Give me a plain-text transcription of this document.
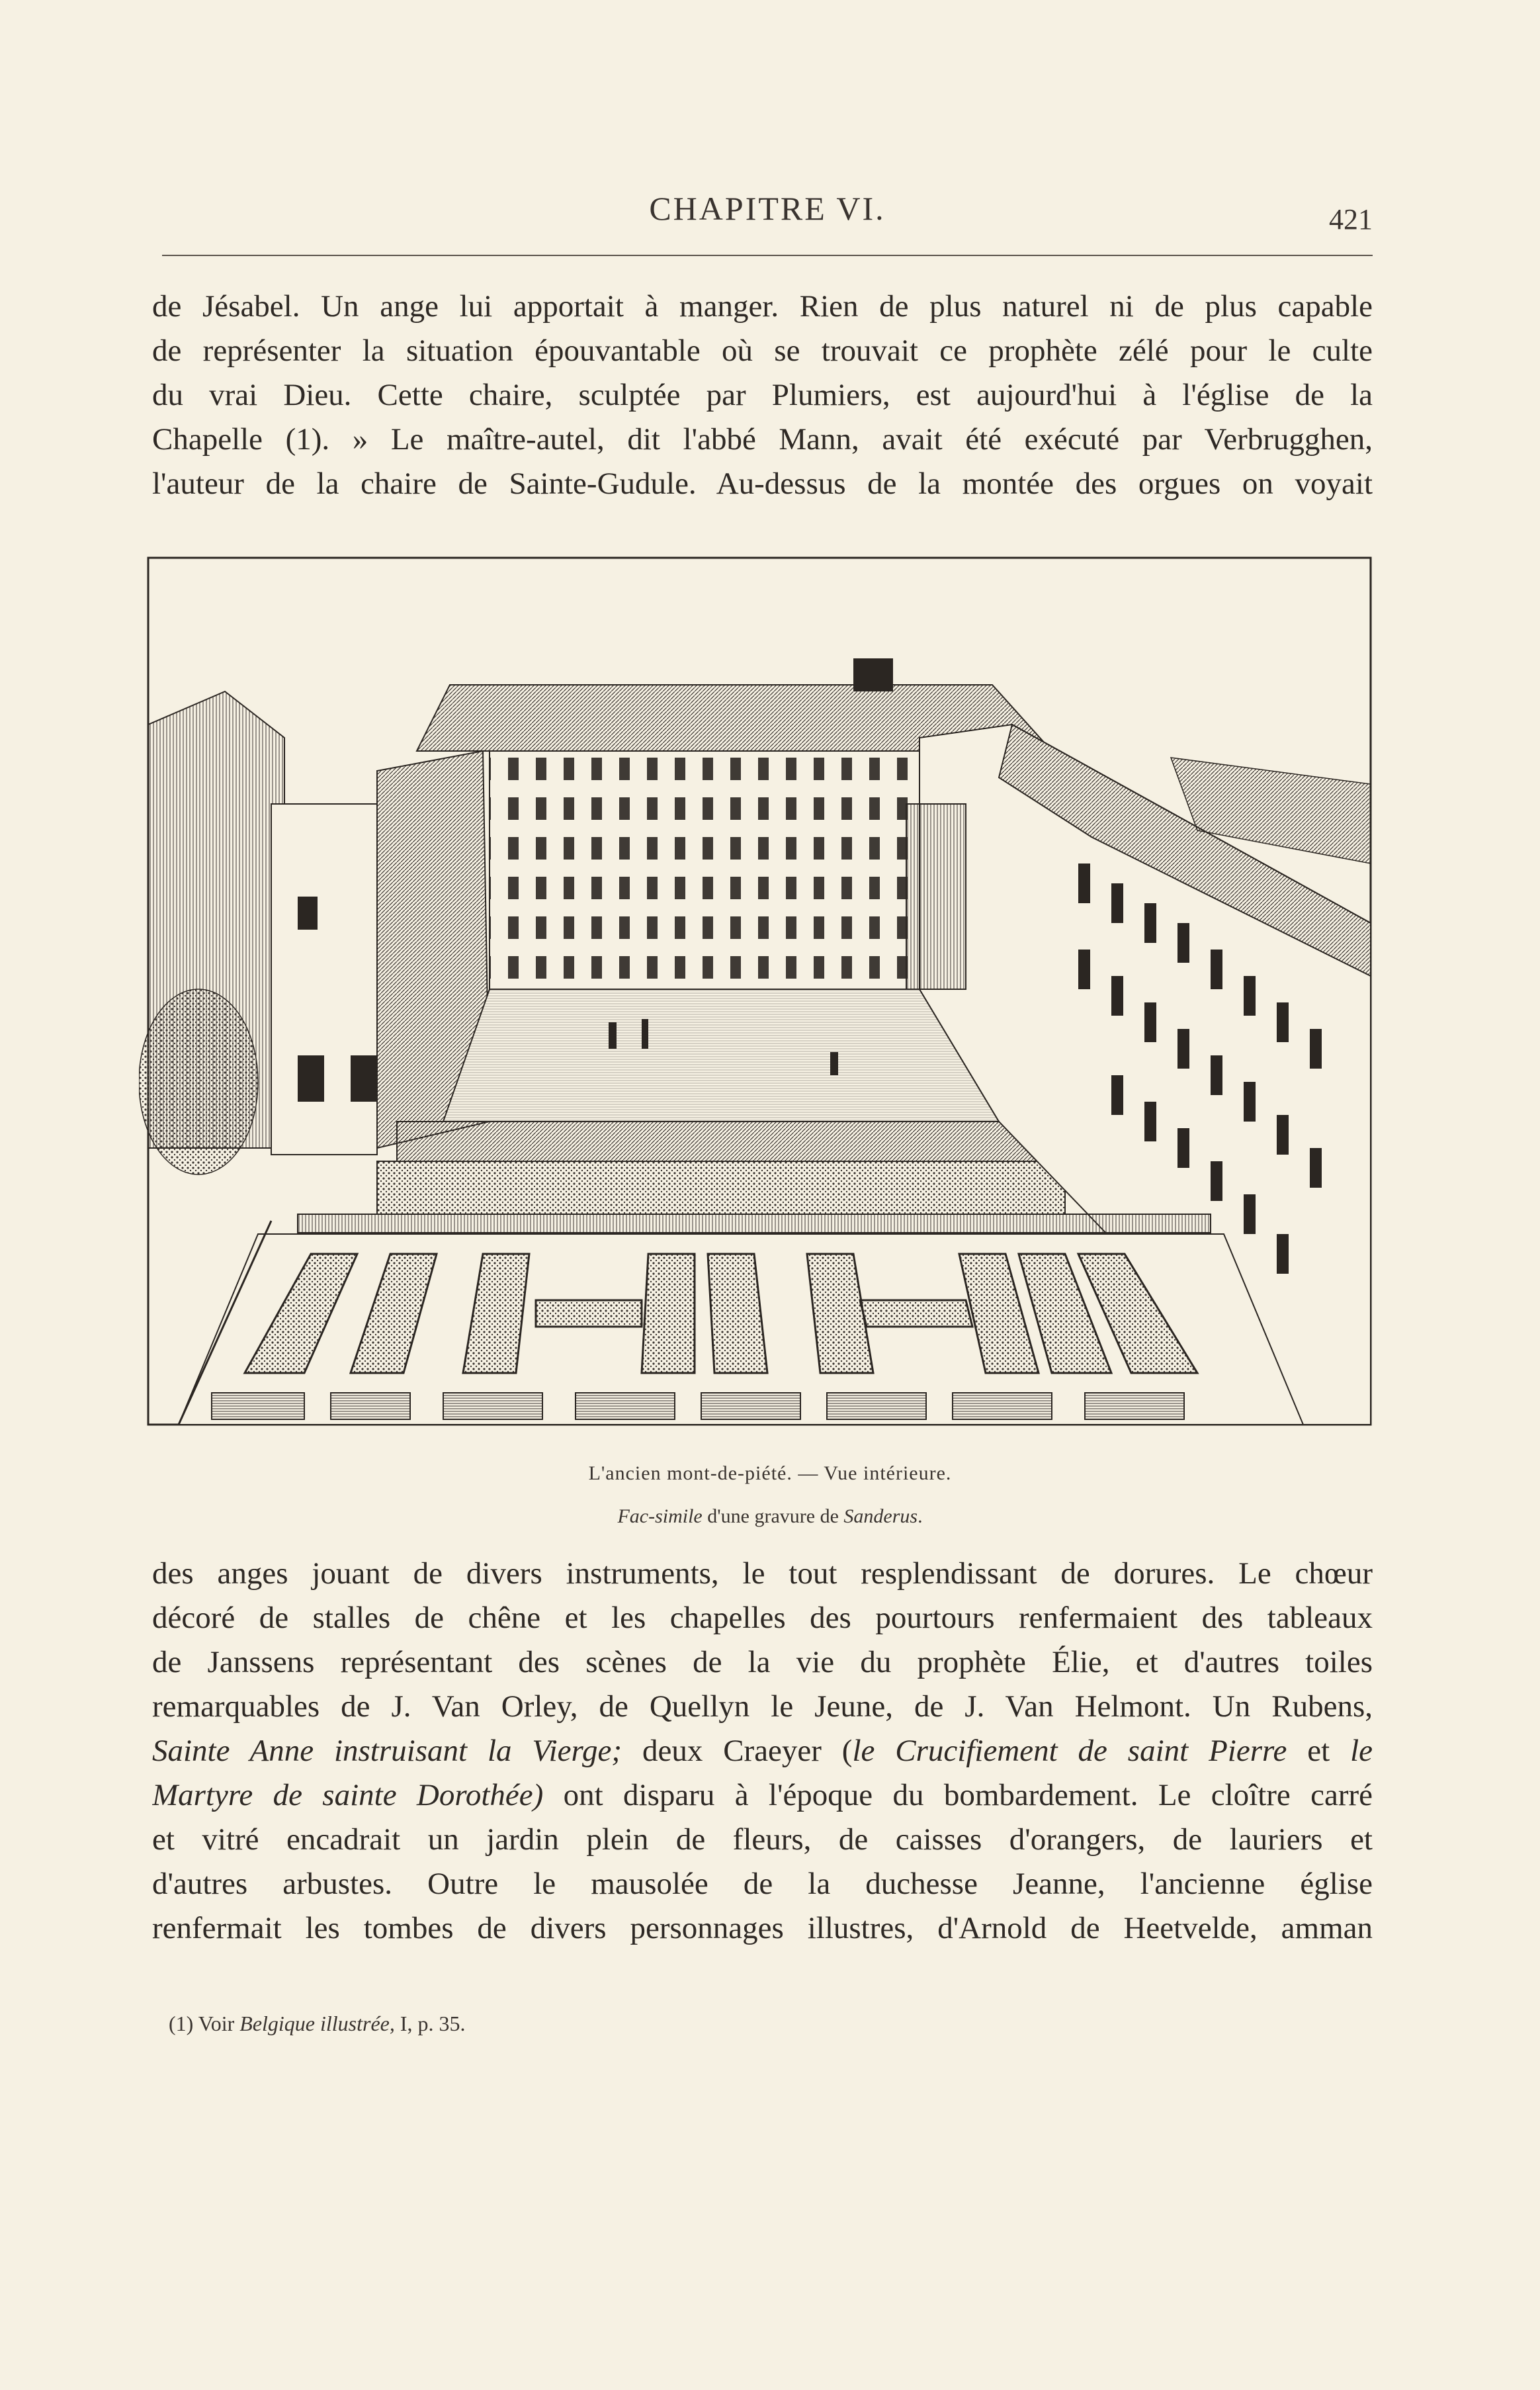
CHAPITRE VI.	421
de Jésabel. Un ange lui apportait à manger. Rien de plus naturel ni de plus capable
de représenter la situation épouvantable où se trouvait ce prophète zélé pour le culte
du vrai Dieu. Cette chaire, sculptée par Plumiers, est aujourd'hui à l'église de la
Chapelle (1). » Le maître-autel, dit l'abbé Mann, avait été exécuté par Verbrugghen,
l'auteur de la chaire de Sainte-Gudule. Au-dessus de la montée des orgues on voyait
L'ancien mont-de-piété. — Vue intérieure.
Fac-simile d'une gravure de Sanderus.
des anges jouant de divers instruments, le tout resplendissant de dorures. Le chœur
décoré de stalles de chêne et les chapelles des pourtours renfermaient des tableaux
de Janssens représentant des scènes de la vie du prophète Élie, et d'autres toiles
remarquables de J. Van Orley, de Quellyn le Jeune, de J. Van Helmont. Un Rubens,
Sainte Anne instruisant la Vierge; deux Craeyer (le Crucifiement de saint Pierre et le
Martyre de sainte Dorothée) ont disparu à l'époque du bombardement. Le cloître carré
et vitré encadrait un jardin plein de fleurs, de caisses d'orangers, de lauriers et
d'autres arbustes. Outre le mausolée de la duchesse Jeanne, l'ancienne église
renfermait les tombes de divers personnages illustres, d'Arnold de Heetvelde, amman
(1) Voir Belgique illustrée, I, p. 35.
